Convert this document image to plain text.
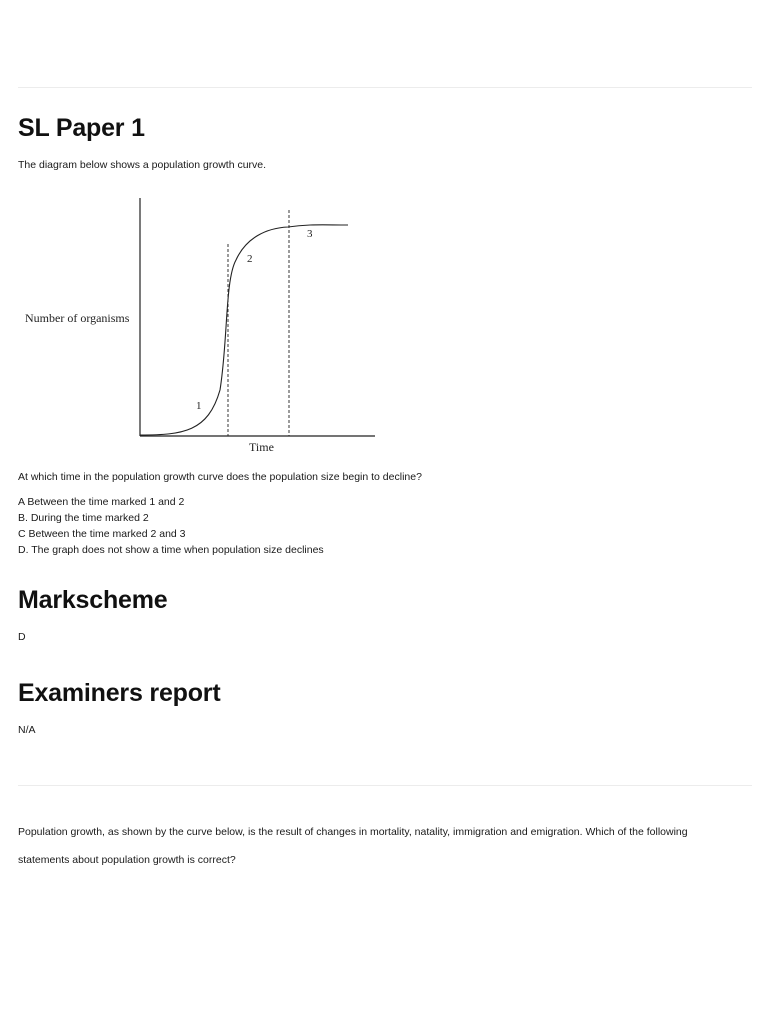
SL Paper 1

The diagram below shows a population growth curve.

Number of organisms
1
2
3
Time

At which time in the population growth curve does the population size begin to decline?

A Between the time marked 1 and 2
B. During the time marked 2
C Between the time marked 2 and 3
D. The graph does not show a time when population size declines
Markscheme

D

Examiners report

N/A

Population growth, as shown by the curve below, is the result of changes in mortality, natality, immigration and emigration. Which of the following

statements about population growth is correct?
